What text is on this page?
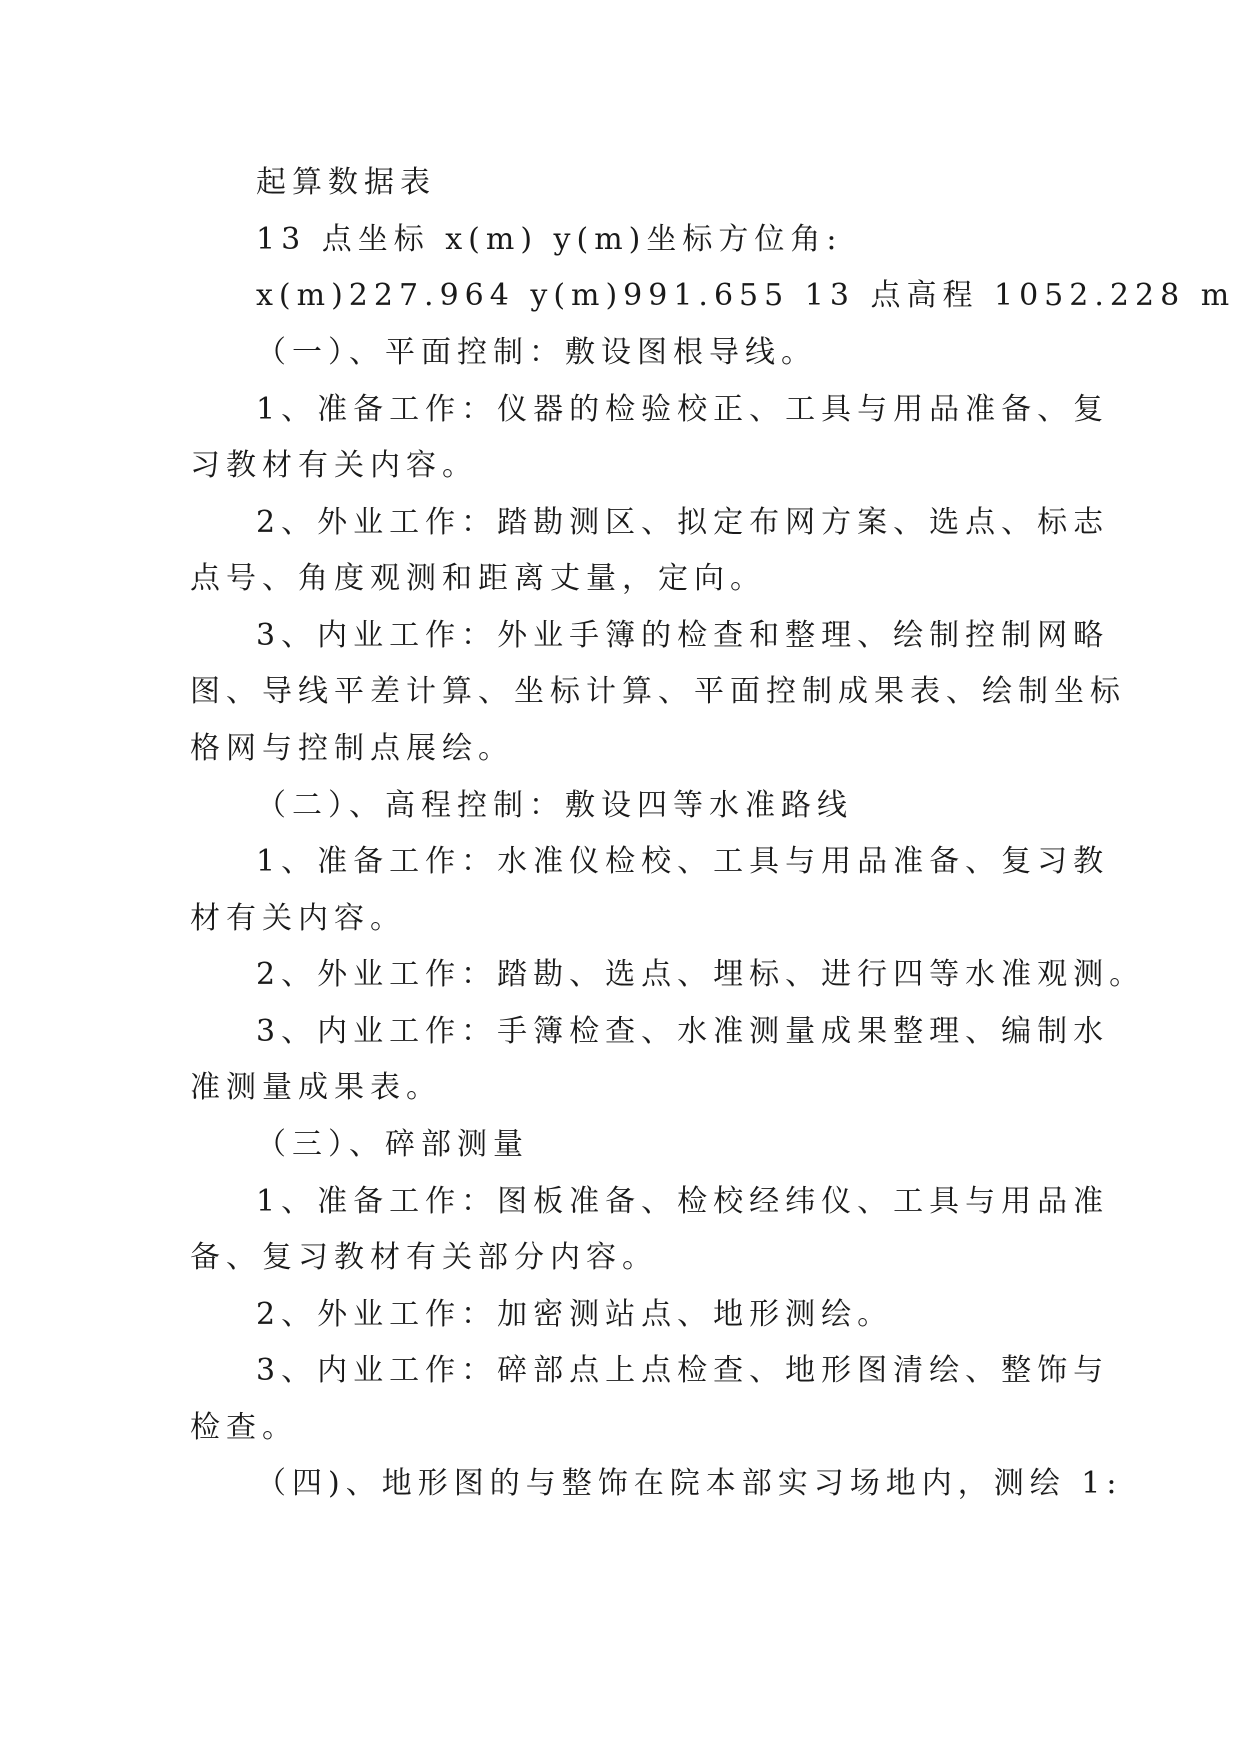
起算数据表
13 点坐标 x(m) y(m)坐标方位角:
x(m)227.964 y(m)991.655 13 点高程 1052.228 m
（一）、平面控制：敷设图根导线。
1、准备工作：仪器的检验校正、工具与用品准备、复
习教材有关内容。
2、外业工作：踏勘测区、拟定布网方案、选点、标志
点号、角度观测和距离丈量，定向。
3、内业工作：外业手簿的检查和整理、绘制控制网略
图、导线平差计算、坐标计算、平面控制成果表、绘制坐标
格网与控制点展绘。
（二）、高程控制：敷设四等水准路线
1、准备工作：水准仪检校、工具与用品准备、复习教
材有关内容。
2、外业工作：踏勘、选点、埋标、进行四等水准观测。
3、内业工作：手簿检查、水准测量成果整理、编制水
准测量成果表。
（三）、碎部测量
1、准备工作：图板准备、检校经纬仪、工具与用品准
备、复习教材有关部分内容。
2、外业工作：加密测站点、地形测绘。
3、内业工作：碎部点上点检查、地形图清绘、整饰与
检查。
（四)、地形图的与整饰在院本部实习场地内，测绘 1:
